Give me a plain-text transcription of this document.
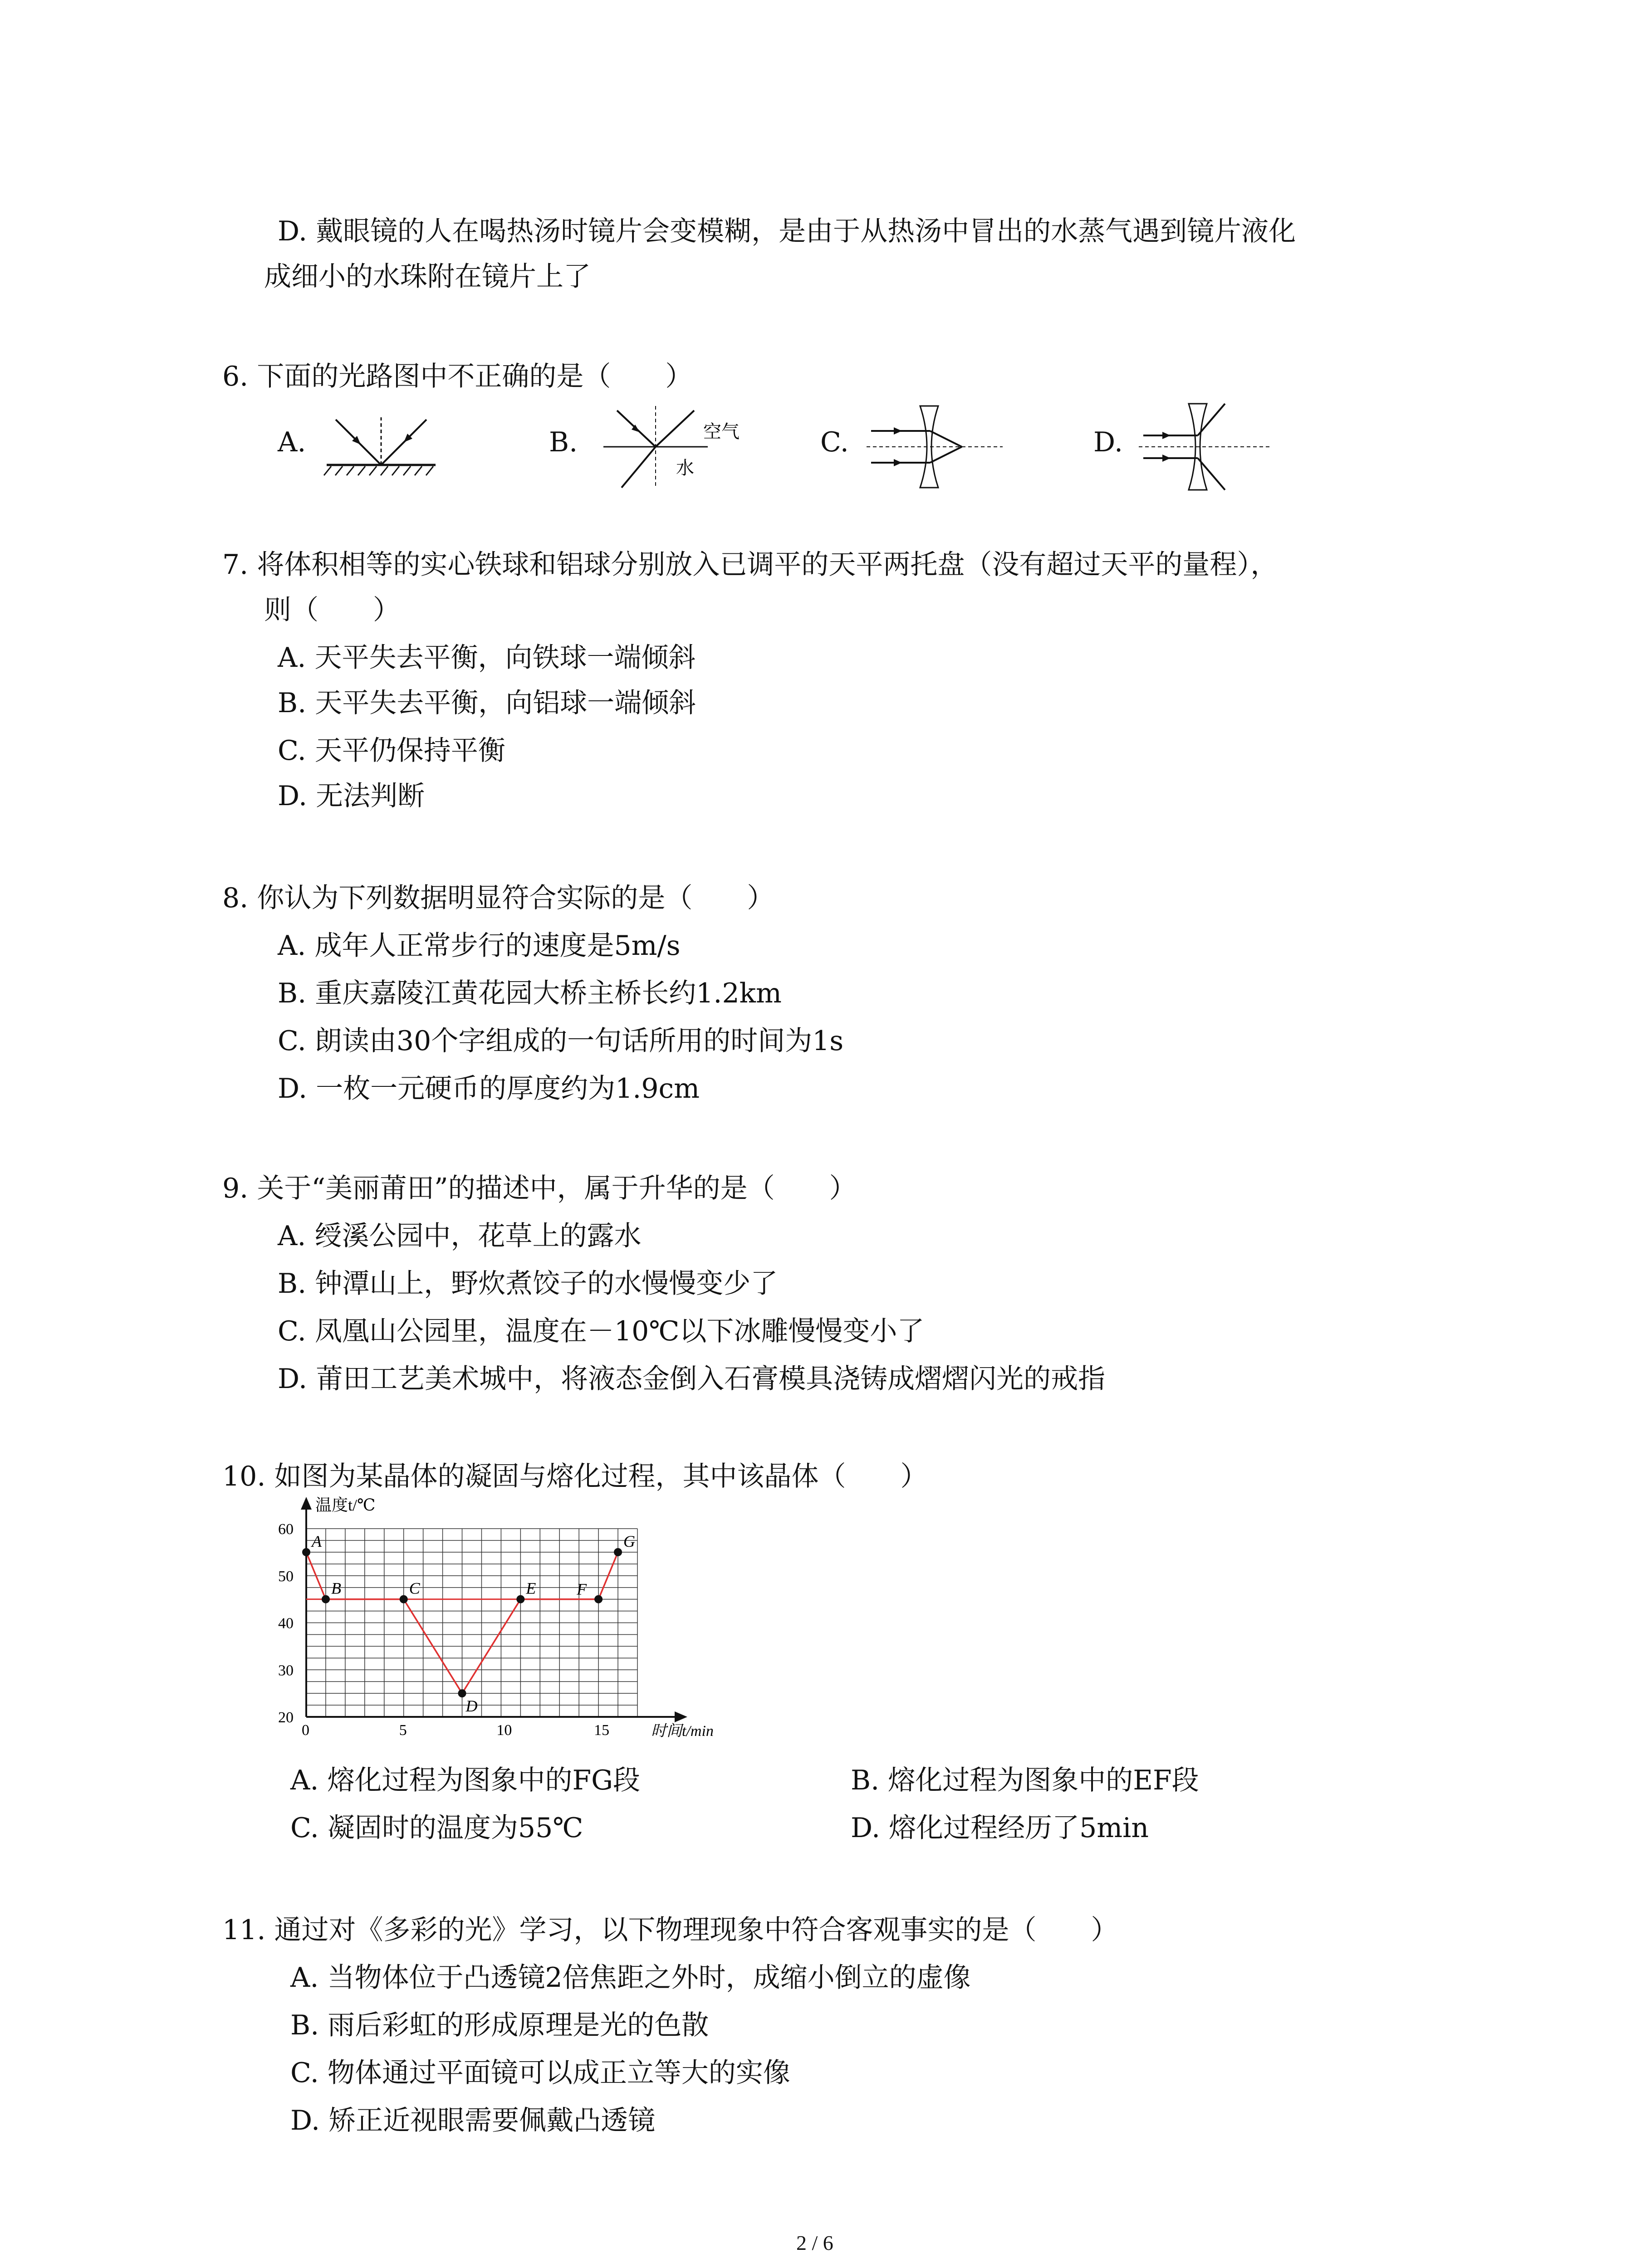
D. 戴眼镜的人在喝热汤时镜片会变模糊，是由于从热汤中冒出的水蒸气遇到镜片液化
成细小的水珠附在镜片上了
6. 下面的光路图中不正确的是（　　）
A.	B.	C.	D.
空气
水
7. 将体积相等的实心铁球和铝球分别放入已调平的天平两托盘（没有超过天平的量程），
则（　　）
A. 天平失去平衡，向铁球一端倾斜
B. 天平失去平衡，向铝球一端倾斜
C. 天平仍保持平衡
D. 无法判断
8. 你认为下列数据明显符合实际的是（　　）
A. 成年人正常步行的速度是5m/s
B. 重庆嘉陵江黄花园大桥主桥长约1.2km
C. 朗读由30个字组成的一句话所用的时间为1s
D. 一枚一元硬币的厚度约为1.9cm
9. 关于“美丽莆田”的描述中，属于升华的是（　　）
A. 绶溪公园中，花草上的露水
B. 钟潭山上，野炊煮饺子的水慢慢变少了
C. 凤凰山公园里，温度在－10℃以下冰雕慢慢变小了
D. 莆田工艺美术城中，将液态金倒入石膏模具浇铸成熠熠闪光的戒指
10. 如图为某晶体的凝固与熔化过程，其中该晶体（　　）
0	5	10	15
20
30
40
50
60
时间t/min
温度t/℃
A
B	C
D
E F
G
A. 熔化过程为图象中的FG段	B. 熔化过程为图象中的EF段
C. 凝固时的温度为55℃	D. 熔化过程经历了5min
11. 通过对《多彩的光》学习，以下物理现象中符合客观事实的是（　　）
A. 当物体位于凸透镜2倍焦距之外时，成缩小倒立的虚像
B. 雨后彩虹的形成原理是光的色散
C. 物体通过平面镜可以成正立等大的实像
D. 矫正近视眼需要佩戴凸透镜
2 / 6
